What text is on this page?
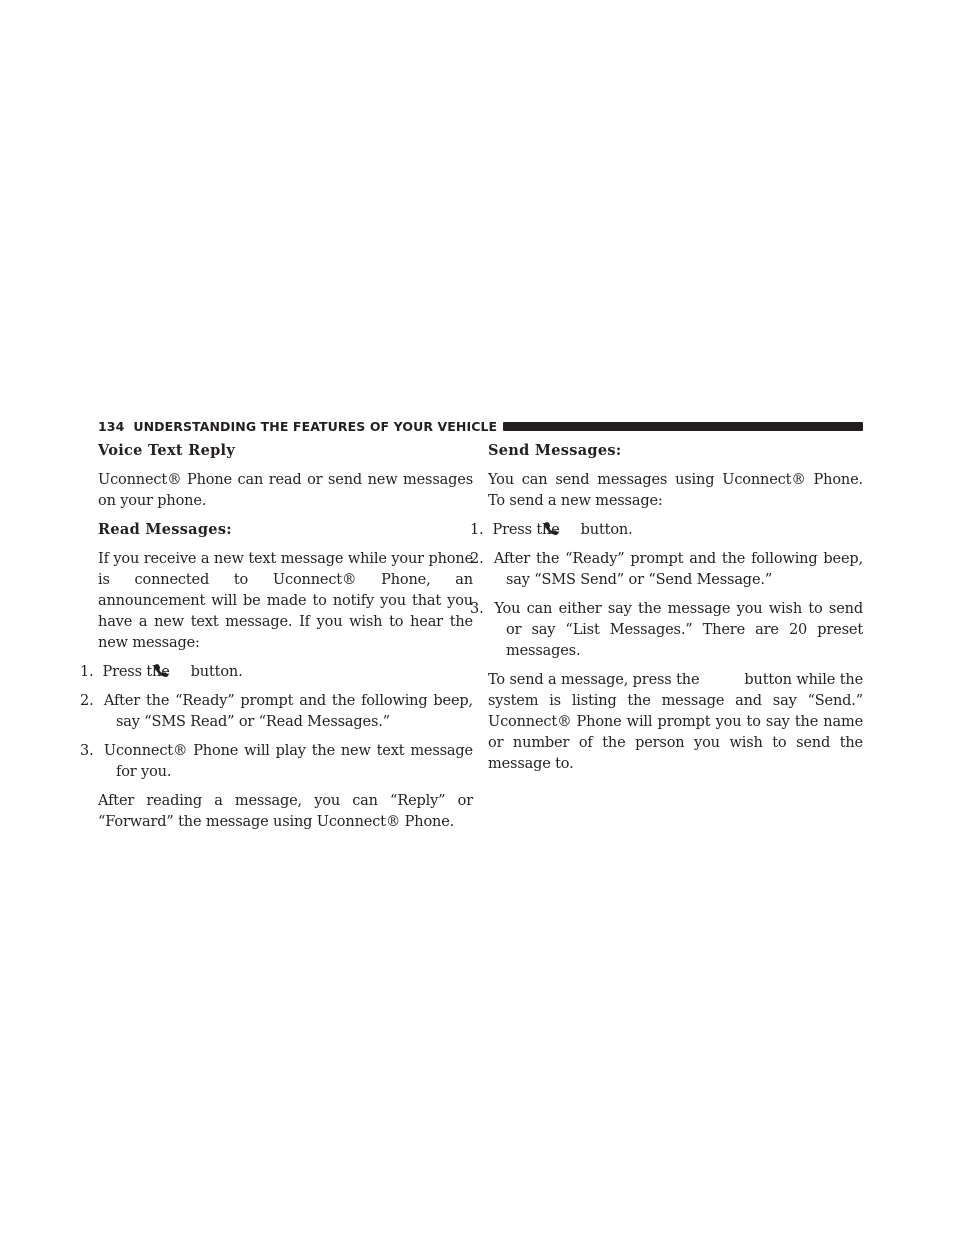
134 UNDERSTANDING THE FEATURES OF YOUR VEHICLE
Voice Text Reply

Uconnect® Phone can read or send new messages on your phone.

Read Messages:

If you receive a new text message while your phone is connected to Uconnect® Phone, an announcement will be made to notify you that you have a new text message. If you wish to hear the new message:

1. Press the button.

2. After the “Ready” prompt and the following beep, say “SMS Read” or “Read Messages.”

3. Uconnect® Phone will play the new text message for you.

After reading a message, you can “Reply” or “Forward” the message using Uconnect® Phone.

Send Messages:

You can send messages using Uconnect® Phone. To send a new message:

1. Press the button.

2. After the “Ready” prompt and the following beep, say “SMS Send” or “Send Message.”

3. You can either say the message you wish to send or say “List Messages.” There are 20 preset messages.

To send a message, press the	button while the system is listing the message and say “Send.” Uconnect® Phone will prompt you to say the name or number of the person you wish to send the message to.
